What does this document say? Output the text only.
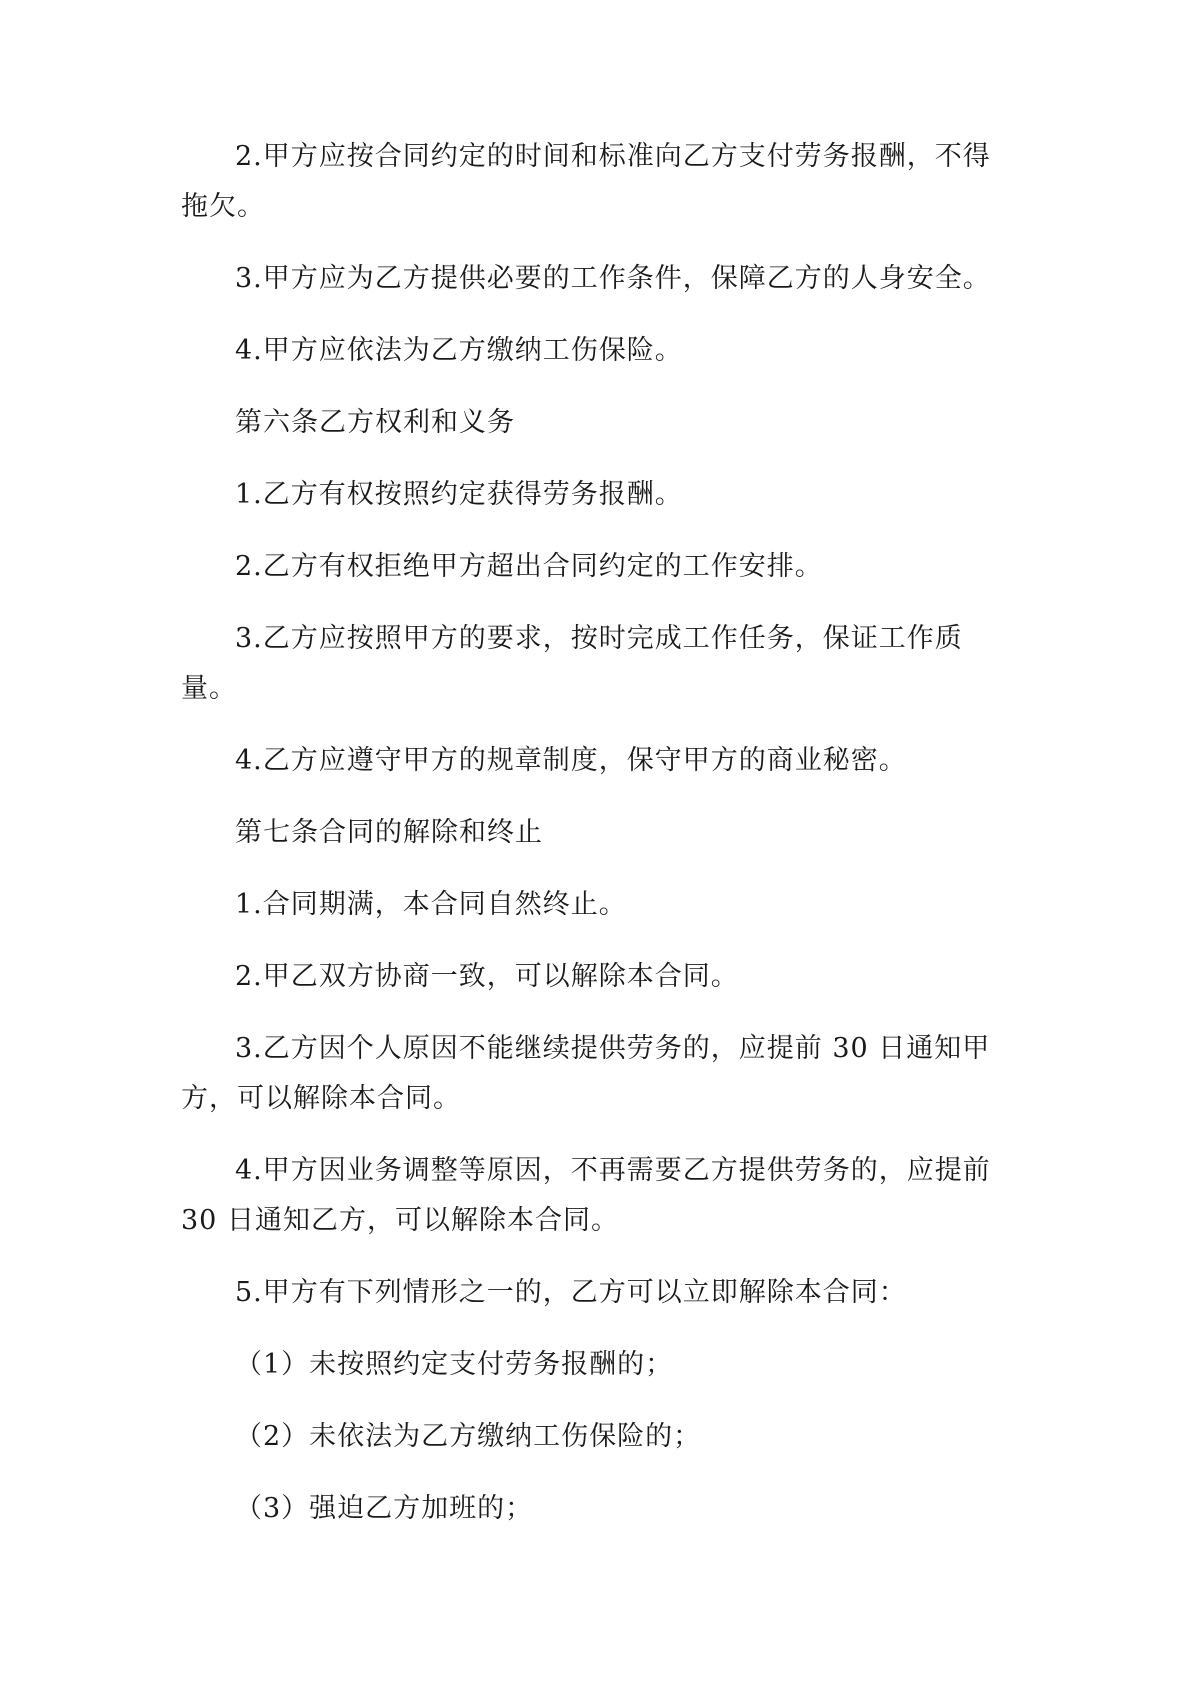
2.甲方应按合同约定的时间和标准向乙方支付劳务报酬，不得拖欠。

3.甲方应为乙方提供必要的工作条件，保障乙方的人身安全。

4.甲方应依法为乙方缴纳工伤保险。

第六条乙方权利和义务

1.乙方有权按照约定获得劳务报酬。

2.乙方有权拒绝甲方超出合同约定的工作安排。

3.乙方应按照甲方的要求，按时完成工作任务，保证工作质量。

4.乙方应遵守甲方的规章制度，保守甲方的商业秘密。

第七条合同的解除和终止

1.合同期满，本合同自然终止。

2.甲乙双方协商一致，可以解除本合同。

3.乙方因个人原因不能继续提供劳务的，应提前 30 日通知甲方，可以解除本合同。

4.甲方因业务调整等原因，不再需要乙方提供劳务的，应提前 30 日通知乙方，可以解除本合同。

5.甲方有下列情形之一的，乙方可以立即解除本合同：

（1）未按照约定支付劳务报酬的；

（2）未依法为乙方缴纳工伤保险的；

（3）强迫乙方加班的；
